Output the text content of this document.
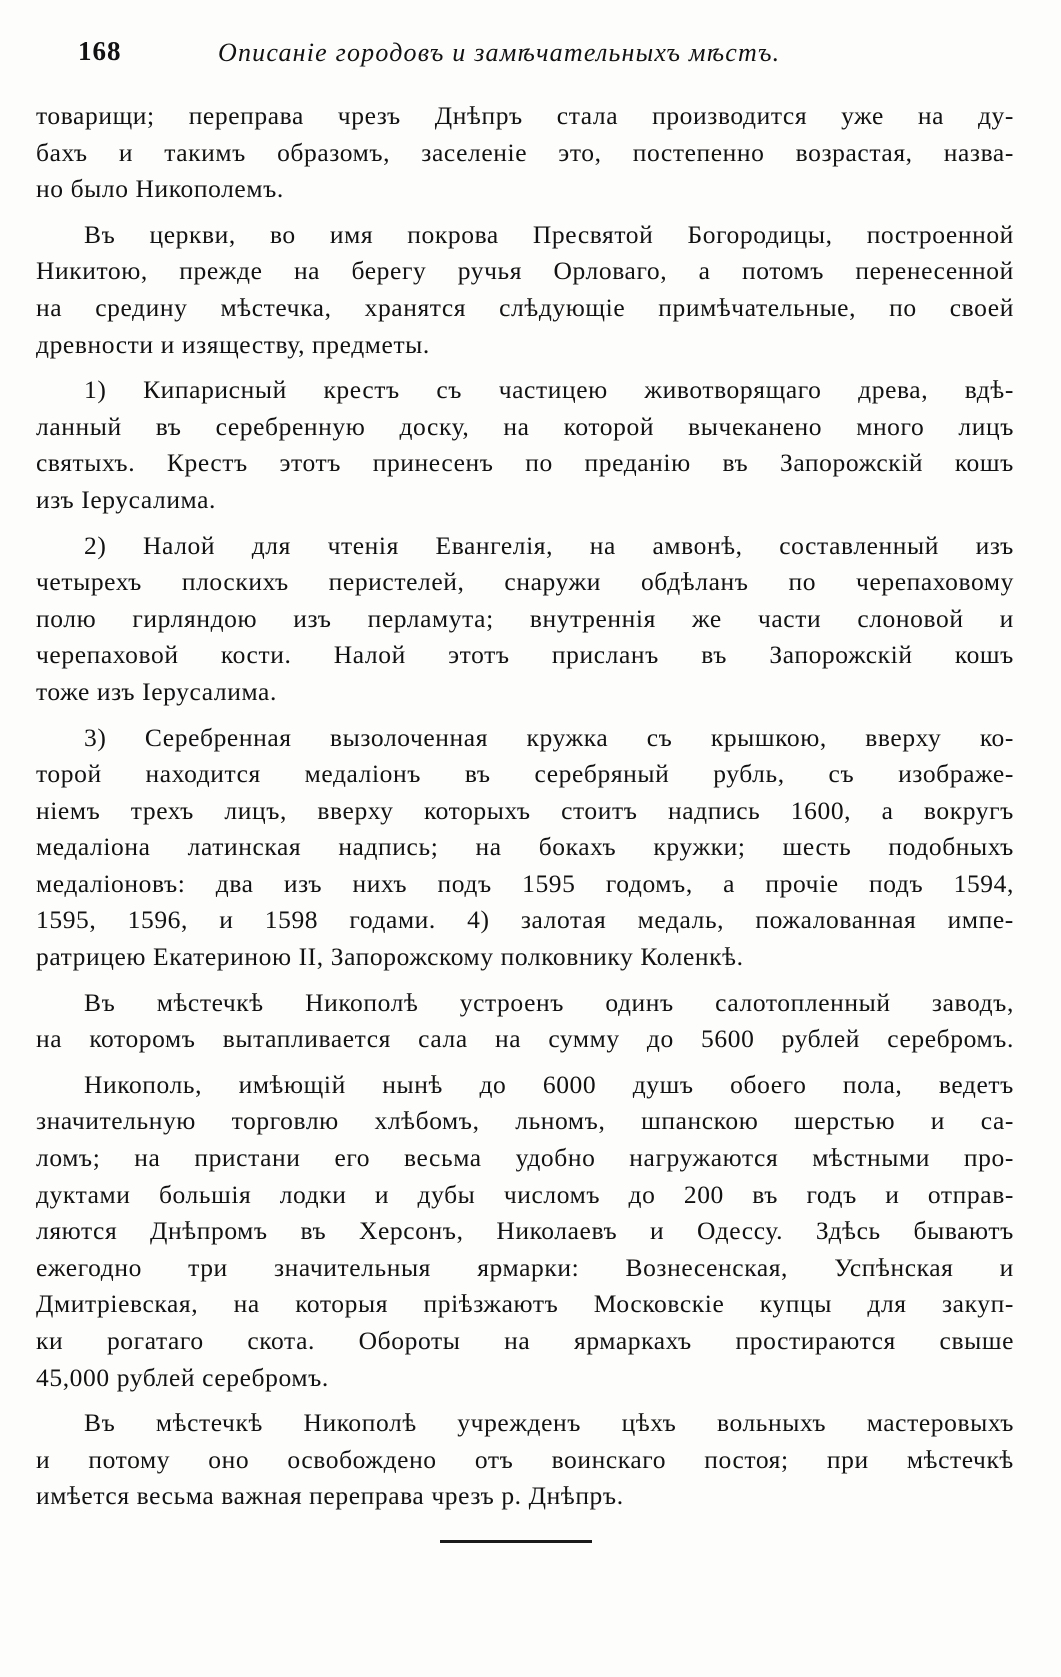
168	Описаніе городовъ и замѣчательныхъ мѣстъ.
товарищи; переправа чрезъ Днѣпръ стала производится уже на ду-
бахъ и такимъ образомъ, заселеніе это, постепенно возрастая, назва-
но было Никополемъ.
Въ церкви, во имя покрова Пресвятой Богородицы, построенной
Никитою, прежде на берегу ручья Орловаго, а потомъ перенесенной
на средину мѣстечка, хранятся слѣдующіе примѣчательные, по своей
древности и изяществу, предметы.
1) Кипарисный крестъ съ частицею животворящаго древа, вдѣ-
ланный въ серебренную доску, на которой вычеканено много лицъ
святыхъ. Крестъ этотъ принесенъ по преданію въ Запорожскій кошъ
изъ Іерусалима.
2) Налой для чтенія Евангелія, на амвонѣ, составленный изъ
четырехъ плоскихъ перистелей, снаружи обдѣланъ по черепаховому
полю гирляндою изъ перламута; внутреннія же части слоновой и
черепаховой кости. Налой этотъ присланъ въ Запорожскій кошъ
тоже изъ Іерусалима.
3) Серебренная вызолоченная кружка съ крышкою, вверху ко-
торой находится медаліонъ въ серебряный рубль, съ изображе-
ніемъ трехъ лицъ, вверху которыхъ стоитъ надпись 1600, а вокругъ
медаліона латинская надпись; на бокахъ кружки; шесть подобныхъ
медаліоновъ: два изъ нихъ подъ 1595 годомъ, а прочіе подъ 1594,
1595, 1596, и 1598 годами. 4) залотая медаль, пожалованная импе-
ратрицею Екатериною II, Запорожскому полковнику Коленкѣ.
Въ мѣстечкѣ Никополѣ устроенъ одинъ салотопленный заводъ,
на которомъ вытапливается сала на сумму до 5600 рублей серебромъ.
Никополь, имѣющій нынѣ до 6000 душъ обоего пола, ведетъ
значительную торговлю хлѣбомъ, льномъ, шпанскою шерстью и са-
ломъ; на пристани его весьма удобно нагружаются мѣстными про-
дуктами большія лодки и дубы числомъ до 200 въ годъ и отправ-
ляются Днѣпромъ въ Херсонъ, Николаевъ и Одессу. Здѣсь бываютъ
ежегодно три значительныя ярмарки: Вознесенская, Успѣнская и
Дмитріевская, на которыя пріѣзжаютъ Московскіе купцы для закуп-
ки рогатаго скота. Обороты на ярмаркахъ простираются свыше
45,000 рублей серебромъ.
Въ мѣстечкѣ Никополѣ учрежденъ цѣхъ вольныхъ мастеровыхъ
и потому оно освобождено отъ воинскаго постоя; при мѣстечкѣ
имѣется весьма важная переправа чрезъ р. Днѣпръ.
